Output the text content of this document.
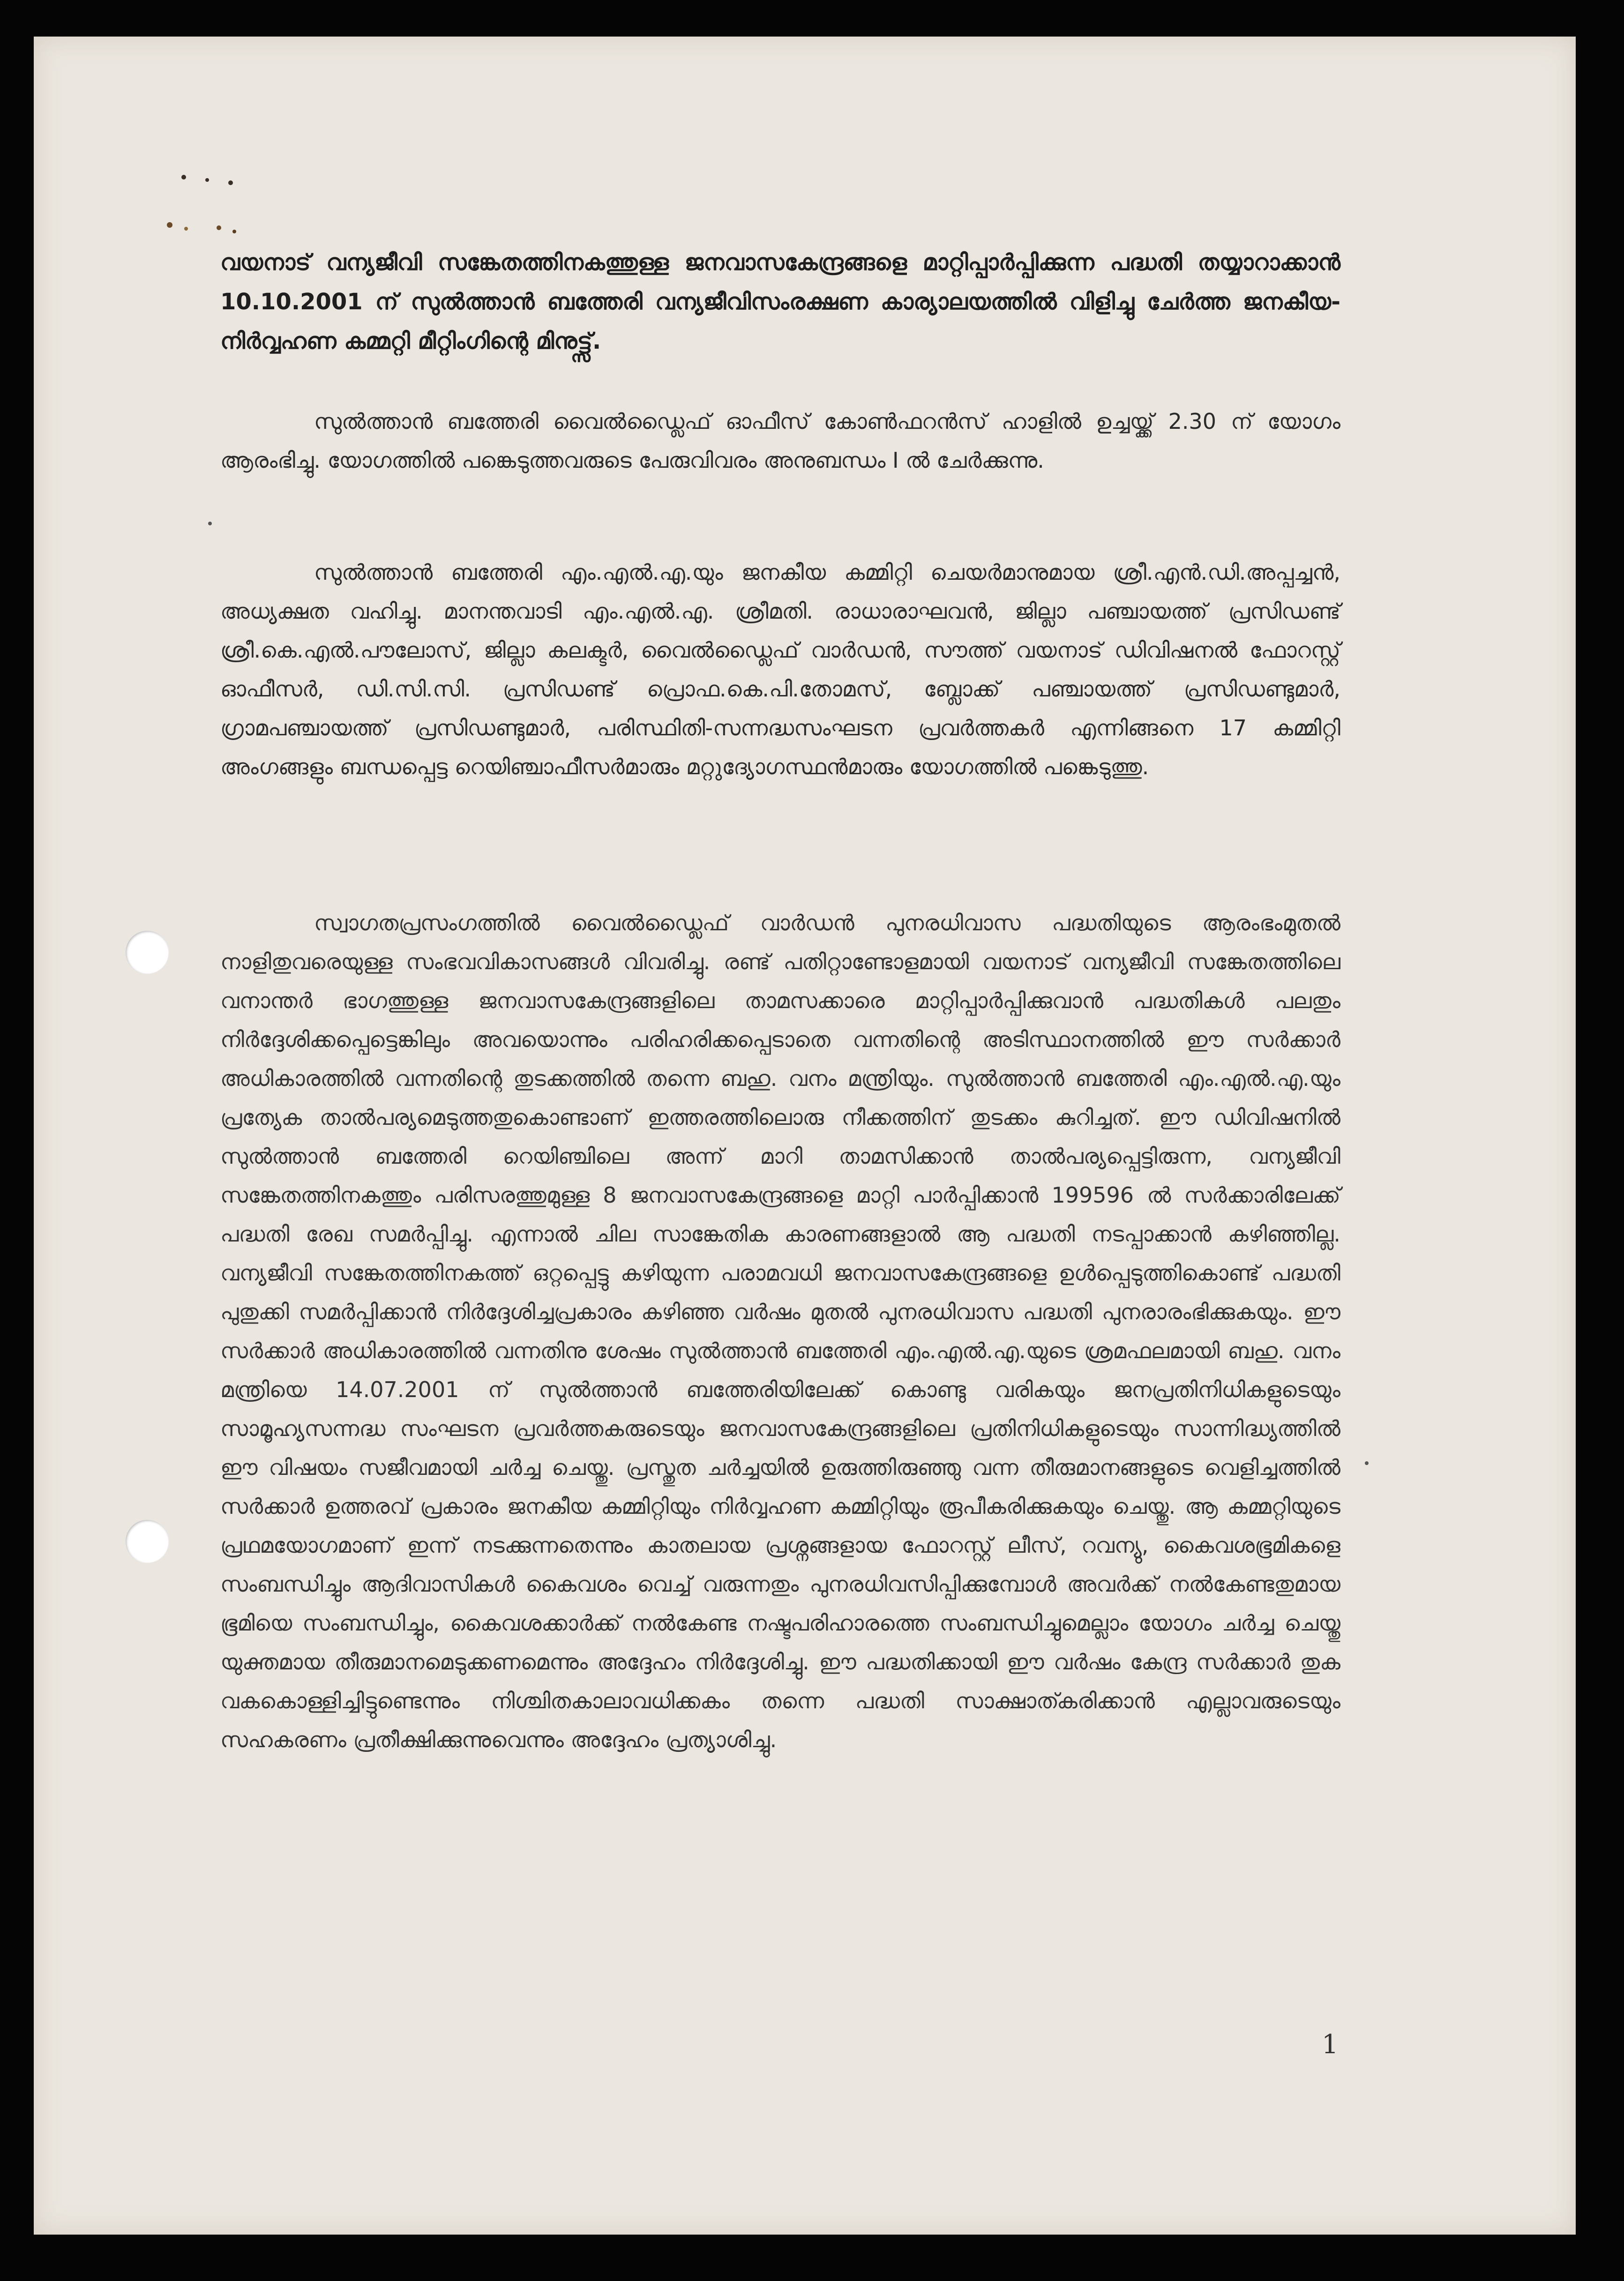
വയനാട് വന്യജീവി സങ്കേതത്തിനകത്തുള്ള ജനവാസകേന്ദ്രങ്ങളെ മാറ്റിപ്പാർപ്പിക്കുന്ന പദ്ധതി തയ്യാറാക്കാൻ 10.10.2001 ന് സുൽത്താൻ ബത്തേരി വന്യജീവിസംരക്ഷണ കാര്യാലയത്തിൽ വിളിച്ചു ചേർത്ത ജനകീയ-നിർവ്വഹണ കമ്മറ്റി മീറ്റിംഗിന്റെ മിനുട്ട്സ്.
സുൽത്താൻ ബത്തേരി വൈൽഡ്ലൈഫ് ഓഫീസ് കോൺഫറൻസ് ഹാളിൽ ഉച്ചയ്ക്ക് 2.30 ന് യോഗം ആരംഭിച്ചു. യോഗത്തിൽ പങ്കെടുത്തവരുടെ പേരുവിവരം അനുബന്ധം I ൽ ചേർക്കുന്നു.
സുൽത്താൻ ബത്തേരി എം.എൽ.എ.യും ജനകീയ കമ്മിറ്റി ചെയർമാനുമായ ശ്രീ.എൻ.ഡി.അപ്പച്ചൻ, അധ്യക്ഷത വഹിച്ചു. മാനന്തവാടി എം.എൽ.എ. ശ്രീമതി. രാധാരാഘവൻ, ജില്ലാ പഞ്ചായത്ത് പ്രസിഡണ്ട് ശ്രീ.കെ.എൽ.പൗലോസ്, ജില്ലാ കലക്ടർ, വൈൽഡ്ലൈഫ് വാർഡൻ, സൗത്ത് വയനാട് ഡിവിഷനൽ ഫോറസ്റ്റ് ഓഫീസർ, ഡി.സി.സി. പ്രസിഡണ്ട് പ്രൊഫ.കെ.പി.തോമസ്, ബ്ലോക്ക് പഞ്ചായത്ത് പ്രസിഡണ്ടുമാർ, ഗ്രാമപഞ്ചായത്ത് പ്രസിഡണ്ടുമാർ, പരിസ്ഥിതി-സന്നദ്ധസംഘടന പ്രവർത്തകർ എന്നിങ്ങനെ 17 കമ്മിറ്റി അംഗങ്ങളും ബന്ധപ്പെട്ട റെയിഞ്ചാഫീസർമാരും മറ്റുദ്യോഗസ്ഥൻമാരും യോഗത്തിൽ പങ്കെടുത്തു.
സ്വാഗതപ്രസംഗത്തിൽ വൈൽഡ്ലൈഫ് വാർഡൻ പുനരധിവാസ പദ്ധതിയുടെ ആരംഭംമുതൽ നാളിതുവരെയുള്ള സംഭവവികാസങ്ങൾ വിവരിച്ചു. രണ്ട് പതിറ്റാണ്ടോളമായി വയനാട് വന്യജീവി സങ്കേതത്തിലെ വനാന്തർ ഭാഗത്തുള്ള ജനവാസകേന്ദ്രങ്ങളിലെ താമസക്കാരെ മാറ്റിപ്പാർപ്പിക്കുവാൻ പദ്ധതികൾ പലതും നിർദ്ദേശിക്കപ്പെട്ടെങ്കിലും അവയൊന്നും പരിഹരിക്കപ്പെടാതെ വന്നതിന്റെ അടിസ്ഥാനത്തിൽ ഈ സർക്കാർ അധികാരത്തിൽ വന്നതിന്റെ തുടക്കത്തിൽ തന്നെ ബഹു. വനം മന്ത്രിയും. സുൽത്താൻ ബത്തേരി എം.എൽ.എ.യും പ്രത്യേക താൽപര്യമെടുത്തതുകൊണ്ടാണ് ഇത്തരത്തിലൊരു നീക്കത്തിന് തുടക്കം കുറിച്ചത്. ഈ ഡിവിഷനിൽ സുൽത്താൻ ബത്തേരി റെയിഞ്ചിലെ അന്ന് മാറി താമസിക്കാൻ താൽപര്യപ്പെട്ടിരുന്ന, വന്യജീവി സങ്കേതത്തിനകത്തും പരിസരത്തുമുള്ള 8 ജനവാസകേന്ദ്രങ്ങളെ മാറ്റി പാർപ്പിക്കാൻ 199596 ൽ സർക്കാരിലേക്ക് പദ്ധതി രേഖ സമർപ്പിച്ചു. എന്നാൽ ചില സാങ്കേതിക കാരണങ്ങളാൽ ആ പദ്ധതി നടപ്പാക്കാൻ കഴിഞ്ഞില്ല. വന്യജീവി സങ്കേതത്തിനകത്ത് ഒറ്റപ്പെട്ടു കഴിയുന്ന പരാമവധി ജനവാസകേന്ദ്രങ്ങളെ ഉൾപ്പെടുത്തികൊണ്ട് പദ്ധതി പുതുക്കി സമർപ്പിക്കാൻ നിർദ്ദേശിച്ചപ്രകാരം കഴിഞ്ഞ വർഷം മുതൽ പുനരധിവാസ പദ്ധതി പുനരാരംഭിക്കുകയും. ഈ സർക്കാർ അധികാരത്തിൽ വന്നതിനു ശേഷം സുൽത്താൻ ബത്തേരി എം.എൽ.എ.യുടെ ശ്രമഫലമായി ബഹു. വനം മന്ത്രിയെ 14.07.2001 ന് സുൽത്താൻ ബത്തേരിയിലേക്ക് കൊണ്ടു വരികയും ജനപ്രതിനിധികളുടെയും സാമൂഹ്യസന്നദ്ധ സംഘടന പ്രവർത്തകരുടെയും ജനവാസകേന്ദ്രങ്ങളിലെ പ്രതിനിധികളുടെയും സാന്നിദ്ധ്യത്തിൽ ഈ വിഷയം സജീവമായി ചർച്ച ചെയ്തു. പ്രസ്തുത ചർച്ചയിൽ ഉരുത്തിരുഞ്ഞു വന്ന തീരുമാനങ്ങളുടെ വെളിച്ചത്തിൽ സർക്കാർ ഉത്തരവ് പ്രകാരം ജനകീയ കമ്മിറ്റിയും നിർവ്വഹണ കമ്മിറ്റിയും രൂപീകരിക്കുകയും ചെയ്തു. ആ കമ്മറ്റിയുടെ പ്രഥമയോഗമാണ് ഇന്ന് നടക്കുന്നതെന്നും കാതലായ പ്രശ്നങ്ങളായ ഫോറസ്റ്റ് ലീസ്, റവന്യു, കൈവശഭൂമികളെ സംബന്ധിച്ചും ആദിവാസികൾ കൈവശം വെച്ച് വരുന്നതും പുനരധിവസിപ്പിക്കുമ്പോൾ അവർക്ക് നൽകേണ്ടതുമായ ഭൂമിയെ സംബന്ധിച്ചും, കൈവശക്കാർക്ക് നൽകേണ്ട നഷ്ടപരിഹാരത്തെ സംബന്ധിച്ചുമെല്ലാം യോഗം ചർച്ച ചെയ്തു യുക്തമായ തീരുമാനമെടുക്കണമെന്നും അദ്ദേഹം നിർദ്ദേശിച്ചു. ഈ പദ്ധതിക്കായി ഈ വർഷം കേന്ദ്ര സർക്കാർ തുക വകകൊള്ളിച്ചിട്ടുണ്ടെന്നും നിശ്ചിതകാലാവധിക്കകം തന്നെ പദ്ധതി സാക്ഷാത്കരിക്കാൻ എല്ലാവരുടെയും സഹകരണം പ്രതീക്ഷിക്കുന്നുവെന്നും അദ്ദേഹം പ്രത്യാശിച്ചു.
1
